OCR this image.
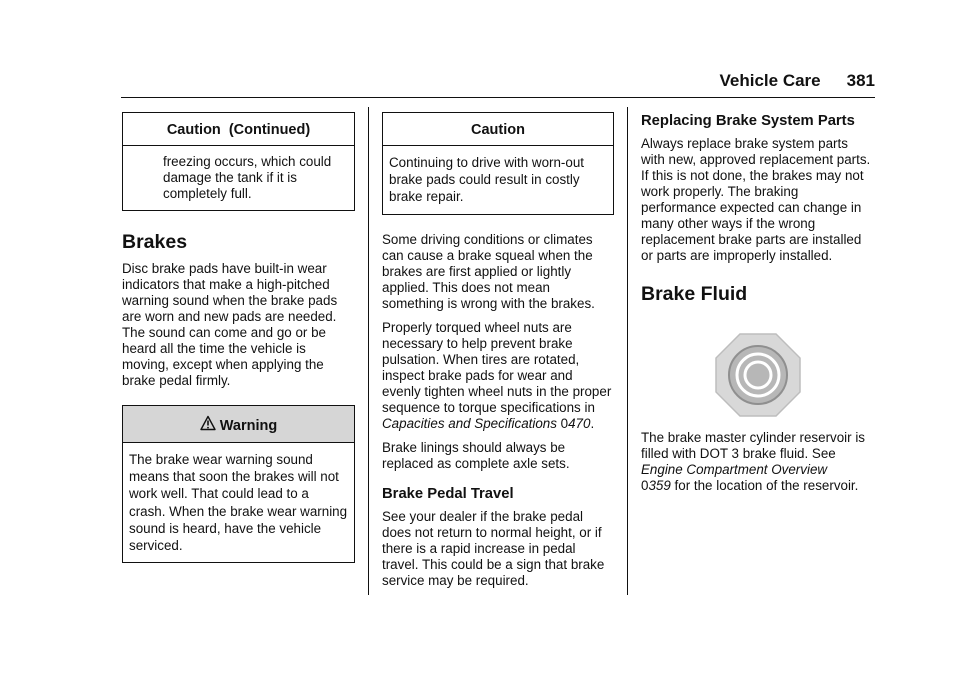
Vehicle Care 381
Caution  (Continued)
freezing occurs, which could damage the tank if it is completely full.
Brakes

Disc brake pads have built-in wear indicators that make a high-pitched warning sound when the brake pads are worn and new pads are needed. The sound can come and go or be heard all the time the vehicle is moving, except when applying the brake pedal firmly.

Warning
The brake wear warning sound means that soon the brakes will not work well. That could lead to a crash. When the brake wear warning sound is heard, have the vehicle serviced.
Caution
Continuing to drive with worn-out brake pads could result in costly brake repair.

Some driving conditions or climates can cause a brake squeal when the brakes are first applied or lightly applied. This does not mean something is wrong with the brakes.

Properly torqued wheel nuts are necessary to help prevent brake pulsation. When tires are rotated, inspect brake pads for wear and evenly tighten wheel nuts in the proper sequence to torque specifications in Capacities and Specifications 0470.

Brake linings should always be replaced as complete axle sets.

Brake Pedal Travel

See your dealer if the brake pedal does not return to normal height, or if there is a rapid increase in pedal travel. This could be a sign that brake service may be required.

Replacing Brake System Parts

Always replace brake system parts with new, approved replacement parts. If this is not done, the brakes may not work properly. The braking performance expected can change in many other ways if the wrong replacement brake parts are installed or parts are improperly installed.

Brake Fluid

The brake master cylinder reservoir is filled with DOT 3 brake fluid. See Engine Compartment Overview
0359 for the location of the reservoir.
